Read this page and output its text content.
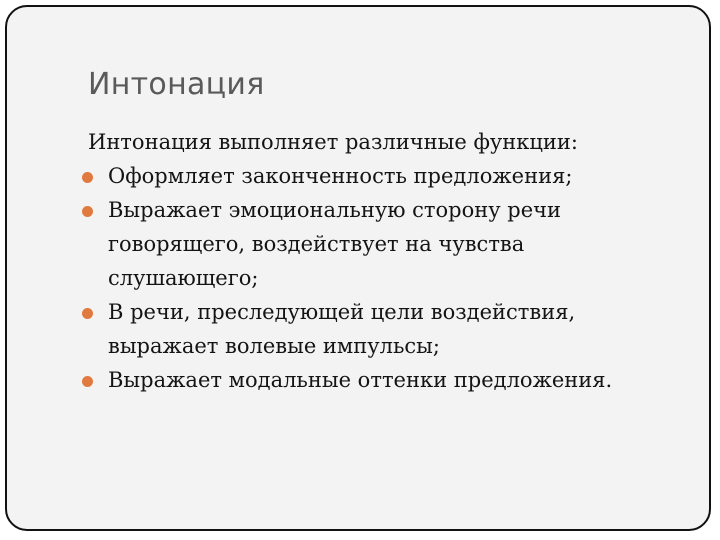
Интонация

Интонация выполняет различные функции:

Оформляет законченность предложения;
Выражает эмоциональную сторону речи говорящего, воздействует на чувства слушающего;
В речи, преследующей цели воздействия, выражает волевые импульсы;
Выражает модальные оттенки предложения.
